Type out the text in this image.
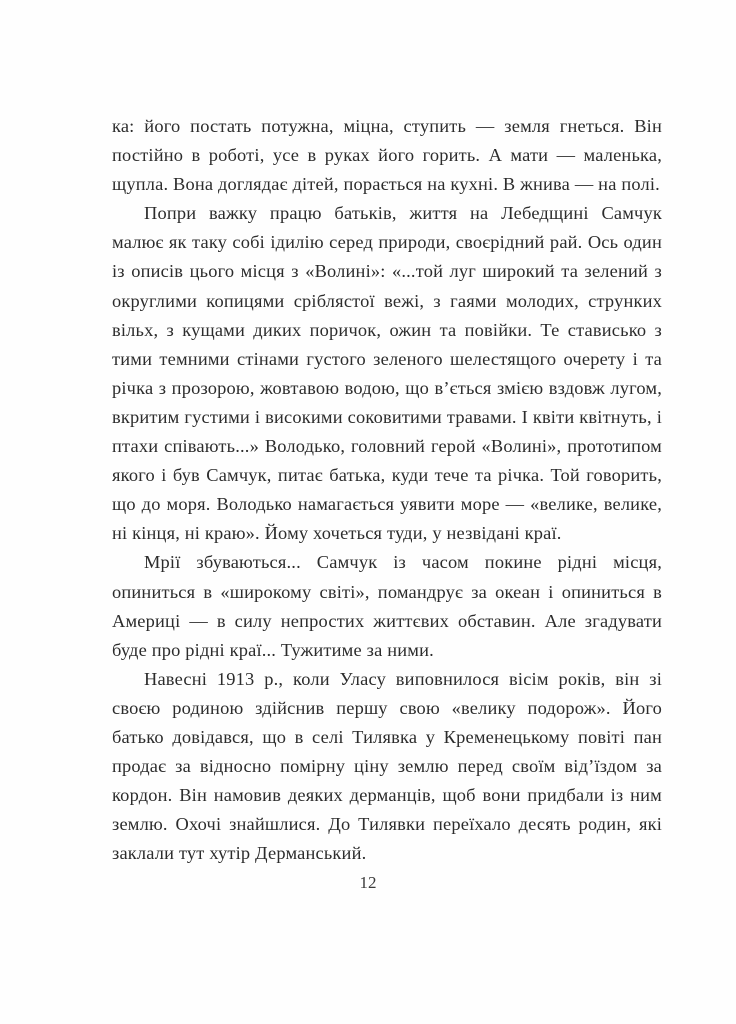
ка: його постать потужна, міцна, ступить — земля гнеться. Він постійно в роботі, усе в руках його горить. А мати — маленька, щупла. Вона доглядає дітей, порається на кухні. В жнива — на полі.

Попри важку працю батьків, життя на Лебедщині Самчук малює як таку собі ідилію серед природи, своєрідний рай. Ось один із описів цього місця з «Волині»: «...той луг широкий та зелений з округлими копицями сріблястої вежі, з гаями молодих, струнких вільх, з кущами диких поричок, ожин та повійки. Те стависько з тими темними стінами густого зеленого шелестящого очерету і та річка з прозорою, жовтавою водою, що в’ється змією вздовж лугом, вкритим густими і високими соковитими травами. І квіти квітнуть, і птахи співають...» Володько, головний герой «Волині», прототипом якого і був Самчук, питає батька, куди тече та річка. Той говорить, що до моря. Володько намагається уявити море — «велике, велике, ні кінця, ні краю». Йому хочеться туди, у незвідані краї.

Мрії збуваються... Самчук із часом покине рідні місця, опиниться в «широкому світі», помандрує за океан і опиниться в Америці — в силу непростих життєвих обставин. Але згадувати буде про рідні краї... Тужитиме за ними.

Навесні 1913 р., коли Уласу виповнилося вісім років, він зі своєю родиною здійснив першу свою «велику подорож». Його батько довідався, що в селі Тилявка у Кременецькому повіті пан продає за відносно помірну ціну землю перед своїм від’їздом за кордон. Він намовив деяких дерманців, щоб вони придбали із ним землю. Охочі знайшлися. До Тилявки переїхало десять родин, які заклали тут хутір Дерманський.

12
